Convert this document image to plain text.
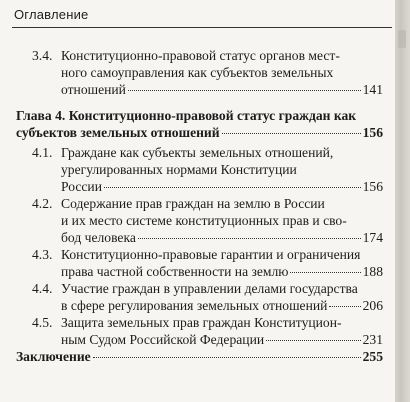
Оглавление
3.4. Конституционно-правовой статус органов мест-
ного самоуправления как субъектов земельных
отношений	141
Глава 4. Конституционно-правовой статус граждан как
субъектов земельных отношений	156
4.1. Граждане как субъекты земельных отношений,
урегулированных нормами Конституции
России	156
4.2. Содержание прав граждан на землю в России
и их место системе конституционных прав и сво-
бод человека	174
4.3. Конституционно-правовые гарантии и ограничения
права частной собственности на землю	188
4.4. Участие граждан в управлении делами государства
в сфере регулирования земельных отношений	206
4.5. Защита земельных прав граждан Конституцион-
ным Судом Российской Федерации	231
Заключение	255
